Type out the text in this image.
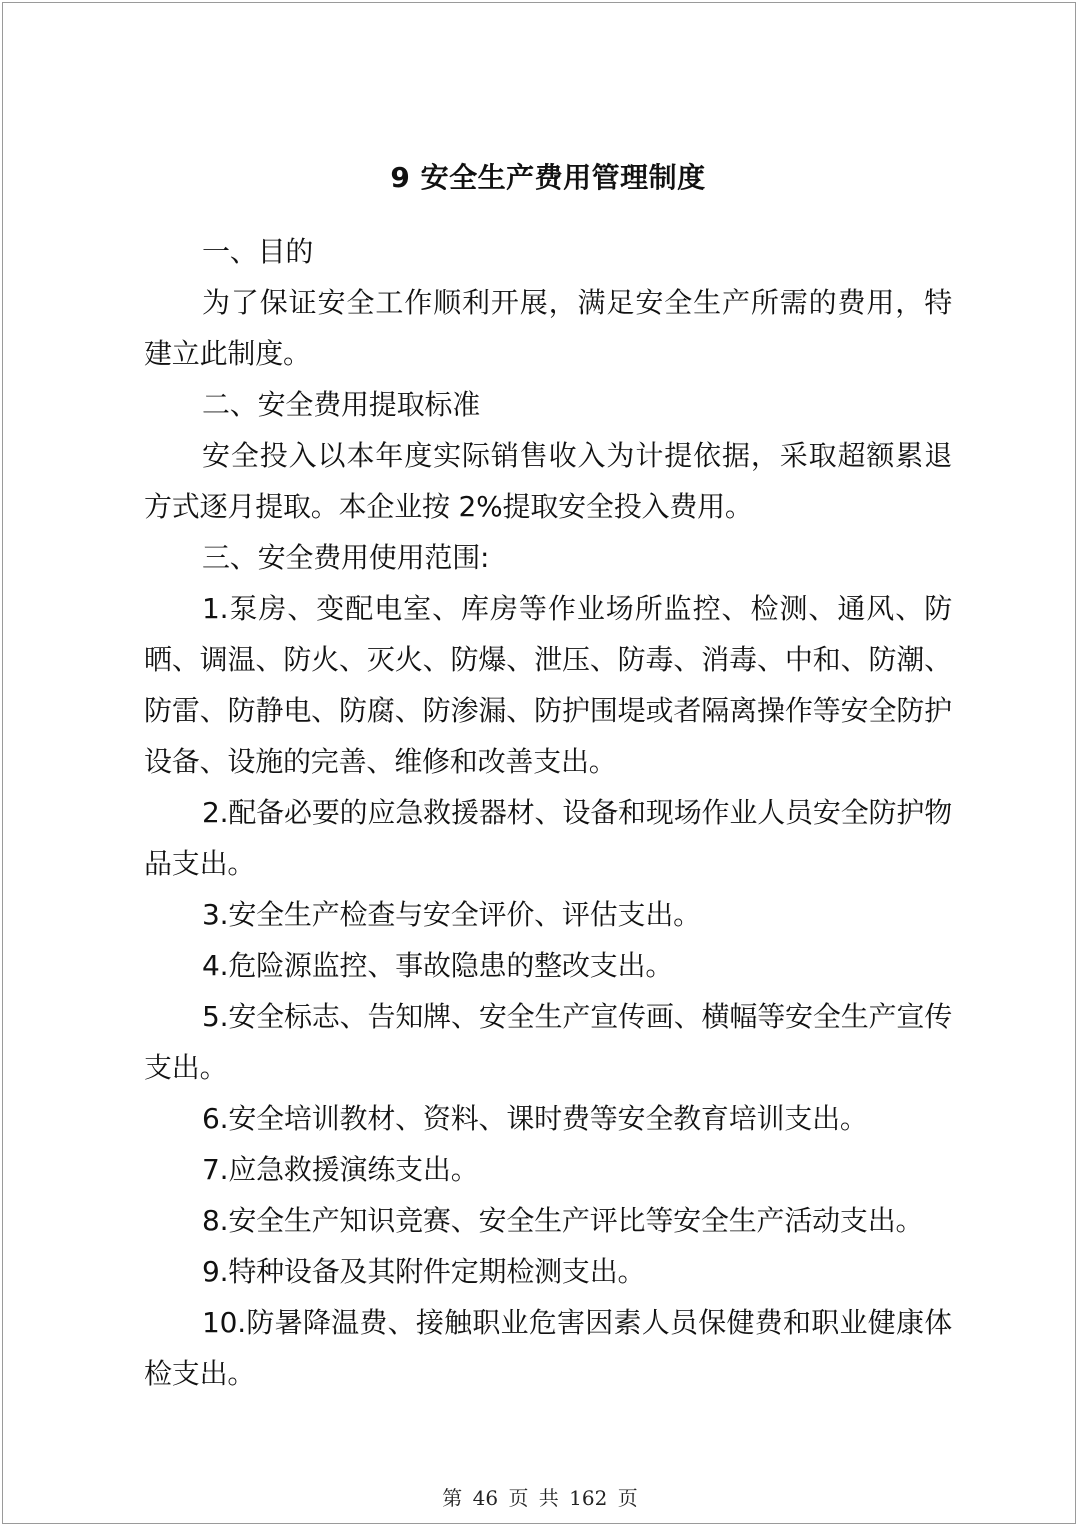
9 安全生产费用管理制度

一、目的

为了保证安全工作顺利开展，满足安全生产所需的费用，特建立此制度。

二、安全费用提取标准

安全投入以本年度实际销售收入为计提依据，采取超额累退方式逐月提取。本企业按 2%提取安全投入费用。

三、安全费用使用范围:

1.泵房、变配电室、库房等作业场所监控、检测、通风、防晒、调温、防火、灭火、防爆、泄压、防毒、消毒、中和、防潮、防雷、防静电、防腐、防渗漏、防护围堤或者隔离操作等安全防护设备、设施的完善、维修和改善支出。

2.配备必要的应急救援器材、设备和现场作业人员安全防护物品支出。

3.安全生产检查与安全评价、评估支出。

4.危险源监控、事故隐患的整改支出。

5.安全标志、告知牌、安全生产宣传画、横幅等安全生产宣传支出。

6.安全培训教材、资料、课时费等安全教育培训支出。

7.应急救援演练支出。

8.安全生产知识竞赛、安全生产评比等安全生产活动支出。

9.特种设备及其附件定期检测支出。

10.防暑降温费、接触职业危害因素人员保健费和职业健康体检支出。

第 46 页 共 162 页
